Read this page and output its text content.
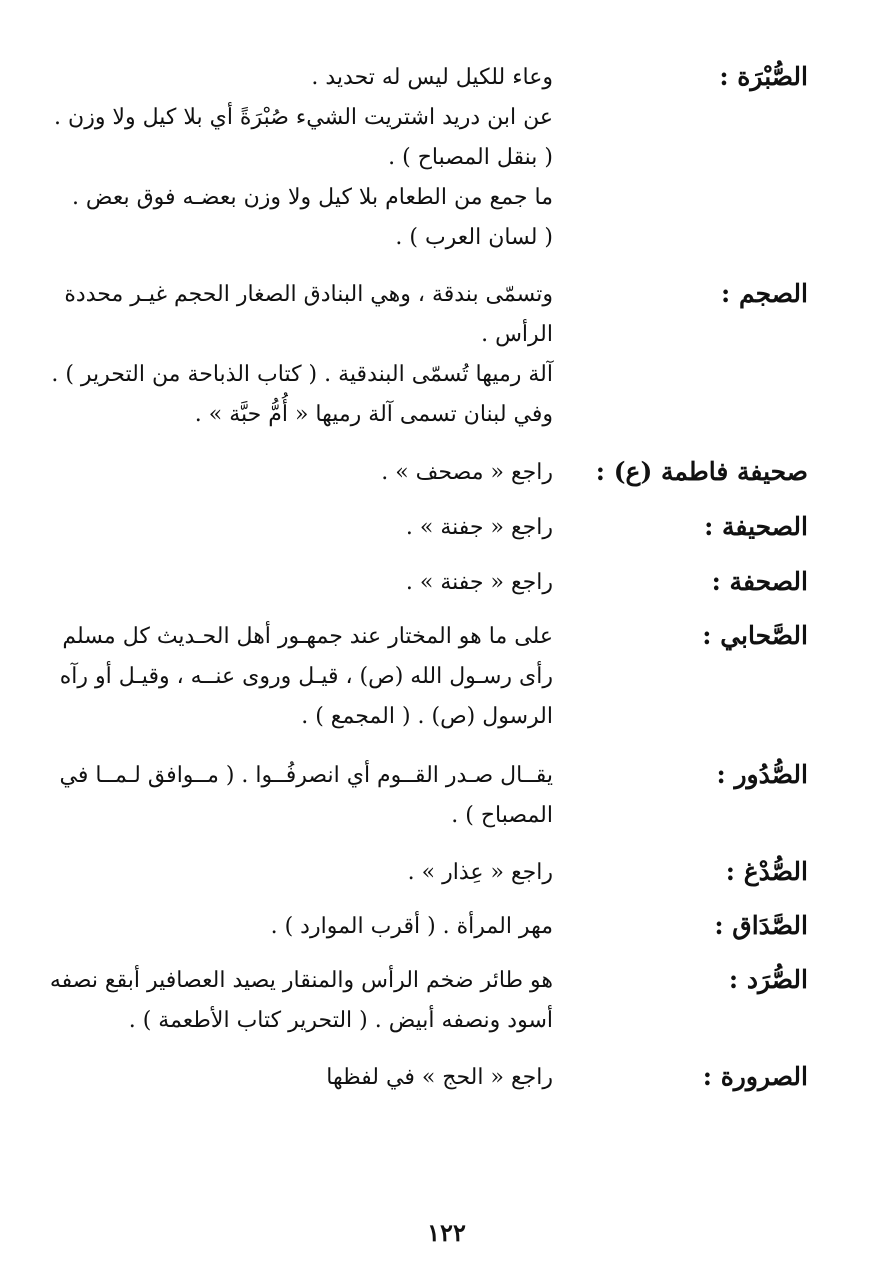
الصُّبْرَة :
وعاء للكيل ليس له تحديد .
عن ابن دريد اشتريت الشيء صُبْرَةً أي بلا كيل ولا وزن .
( بنقل المصباح ) .
ما جمع من الطعام بلا كيل ولا وزن بعضـه فوق بعض .
( لسان العرب ) .
الصجم :
وتسمّى بندقة ، وهي البنادق الصغار الحجم غيـر محددة
الرأس .
آلة رميها تُسمّى البندقية . ( كتاب الذباحة من التحرير ) .
وفي لبنان تسمى آلة رميها « أُمُّ حبَّة » .
صحيفة فاطمة (ع) :
راجع « مصحف » .
الصحيفة :
راجع « جفنة » .
الصحفة :
راجع « جفنة » .
الصَّحابي :
على ما هو المختار عند جمهـور أهل الحـديث كل مسلم
رأى رسـول الله (ص) ، قيـل وروى عنــه ، وقيـل أو رآه
الرسول (ص) . ( المجمع ) .
الصُّدُور :
يقــال صـدر القــوم أي انصرفُــوا . ( مــوافق لـمــا في
المصباح ) .
الصُّدْغ :
راجع « عِذار » .
الصَّدَاق :
مهر المرأة . ( أقرب الموارد ) .
الصُّرَد :
هو طائر ضخم الرأس والمنقار يصيد العصافير أبقع نصفه
أسود ونصفه أبيض . ( التحرير كتاب الأطعمة ) .
الصرورة :
راجع « الحج » في لفظها
١٢٢
